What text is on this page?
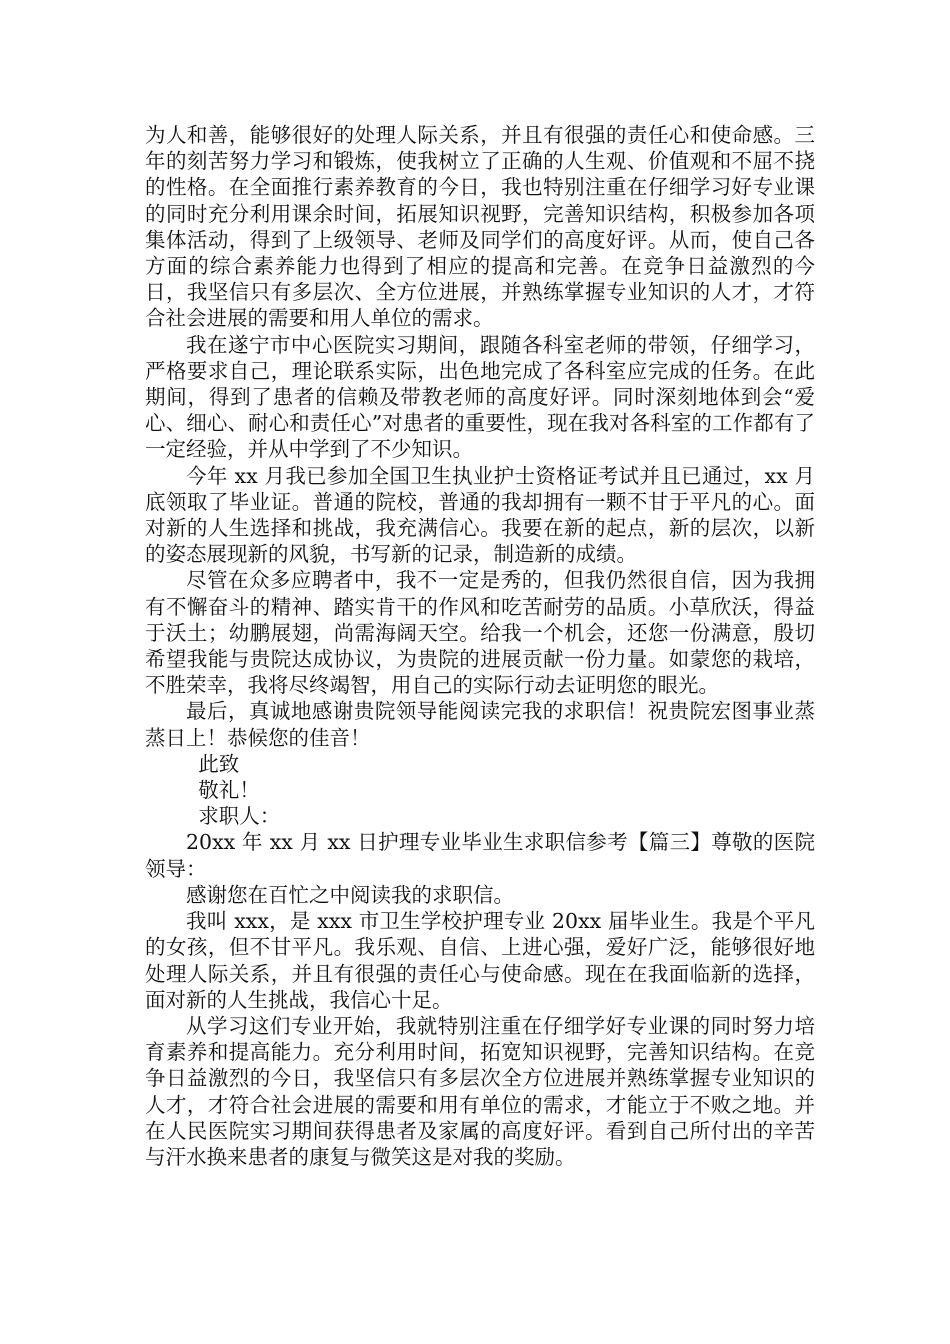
为人和善，能够很好的处理人际关系，并且有很强的责任心和使命感。三年的刻苦努力学习和锻炼，使我树立了正确的人生观、价值观和不屈不挠的性格。在全面推行素养教育的今日，我也特别注重在仔细学习好专业课的同时充分利用课余时间，拓展知识视野，完善知识结构，积极参加各项集体活动，得到了上级领导、老师及同学们的高度好评。从而，使自己各方面的综合素养能力也得到了相应的提高和完善。在竞争日益激烈的今日，我坚信只有多层次、全方位进展，并熟练掌握专业知识的人才，才符合社会进展的需要和用人单位的需求。

我在遂宁市中心医院实习期间，跟随各科室老师的带领，仔细学习，严格要求自己，理论联系实际，出色地完成了各科室应完成的任务。在此期间，得到了患者的信赖及带教老师的高度好评。同时深刻地体到会“爱心、细心、耐心和责任心”对患者的重要性，现在我对各科室的工作都有了一定经验，并从中学到了不少知识。

今年 xx 月我已参加全国卫生执业护士资格证考试并且已通过，xx 月底领取了毕业证。普通的院校，普通的我却拥有一颗不甘于平凡的心。面对新的人生选择和挑战，我充满信心。我要在新的起点，新的层次，以新的姿态展现新的风貌，书写新的记录，制造新的成绩。

尽管在众多应聘者中，我不一定是秀的，但我仍然很自信，因为我拥有不懈奋斗的精神、踏实肯干的作风和吃苦耐劳的品质。小草欣沃，得益于沃土；幼鹏展翅，尚需海阔天空。给我一个机会，还您一份满意，殷切希望我能与贵院达成协议，为贵院的进展贡献一份力量。如蒙您的栽培，不胜荣幸，我将尽终竭智，用自己的实际行动去证明您的眼光。

最后，真诚地感谢贵院领导能阅读完我的求职信！祝贵院宏图事业蒸蒸日上！恭候您的佳音！

此致

敬礼！

求职人：

20xx 年 xx 月 xx 日护理专业毕业生求职信参考【篇三】尊敬的医院领导：

感谢您在百忙之中阅读我的求职信。

我叫 xxx，是 xxx 市卫生学校护理专业 20xx 届毕业生。我是个平凡的女孩，但不甘平凡。我乐观、自信、上进心强，爱好广泛，能够很好地处理人际关系，并且有很强的责任心与使命感。现在在我面临新的选择，面对新的人生挑战，我信心十足。

从学习这们专业开始，我就特别注重在仔细学好专业课的同时努力培育素养和提高能力。充分利用时间，拓宽知识视野，完善知识结构。在竞争日益激烈的今日，我坚信只有多层次全方位进展并熟练掌握专业知识的人才，才符合社会进展的需要和用有单位的需求，才能立于不败之地。并在人民医院实习期间获得患者及家属的高度好评。看到自己所付出的辛苦与汗水换来患者的康复与微笑这是对我的奖励。
